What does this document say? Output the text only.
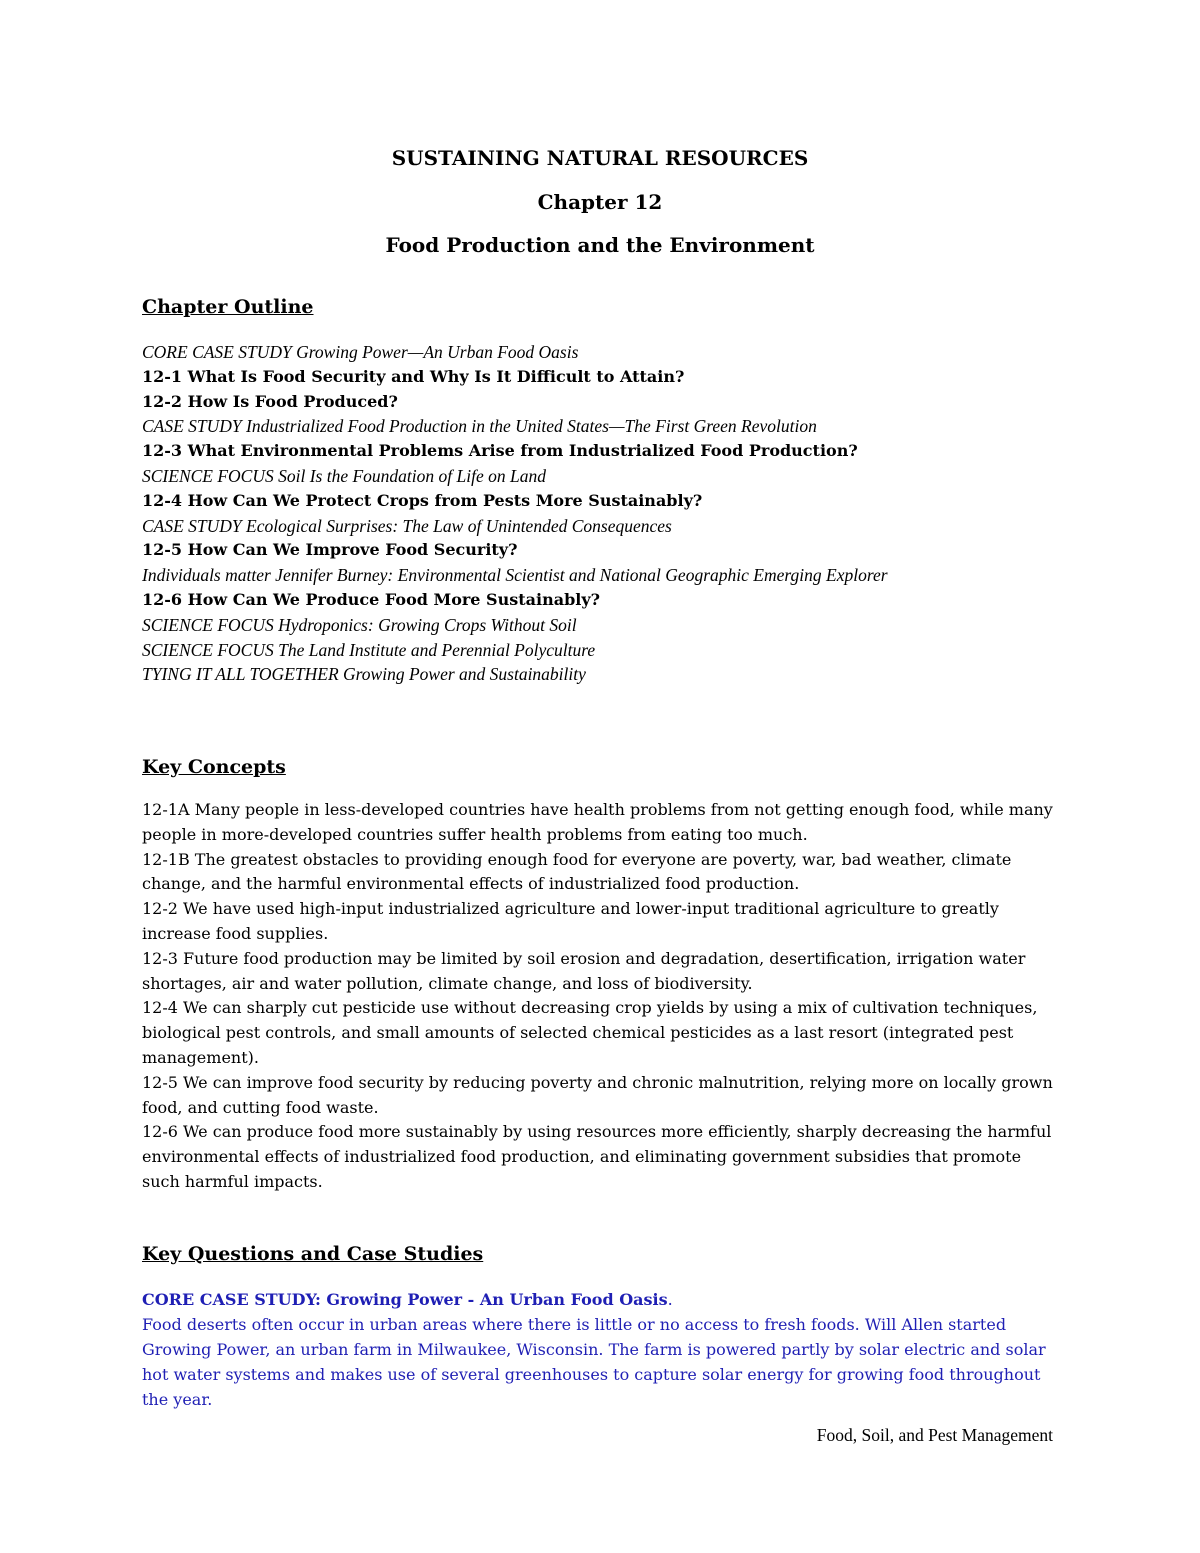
SUSTAINING NATURAL RESOURCES

Chapter 12

Food Production and the Environment

Chapter Outline

CORE CASE STUDY Growing Power—An Urban Food Oasis
12-1 What Is Food Security and Why Is It Difficult to Attain?
12-2 How Is Food Produced?
CASE STUDY Industrialized Food Production in the United States—The First Green Revolution
12-3 What Environmental Problems Arise from Industrialized Food Production?
SCIENCE FOCUS Soil Is the Foundation of Life on Land
12-4 How Can We Protect Crops from Pests More Sustainably?
CASE STUDY Ecological Surprises: The Law of Unintended Consequences
12-5 How Can We Improve Food Security?
Individuals matter Jennifer Burney: Environmental Scientist and National Geographic Emerging Explorer
12-6 How Can We Produce Food More Sustainably?
SCIENCE FOCUS Hydroponics: Growing Crops Without Soil
SCIENCE FOCUS The Land Institute and Perennial Polyculture
TYING IT ALL TOGETHER Growing Power and Sustainability

Key Concepts

12-1A Many people in less-developed countries have health problems from not getting enough food, while many people in more-developed countries suffer health problems from eating too much.

12-1B The greatest obstacles to providing enough food for everyone are poverty, war, bad weather, climate change, and the harmful environmental effects of industrialized food production.

12-2 We have used high-input industrialized agriculture and lower-input traditional agriculture to greatly increase food supplies.

12-3 Future food production may be limited by soil erosion and degradation, desertification, irrigation water shortages, air and water pollution, climate change, and loss of biodiversity.

12-4 We can sharply cut pesticide use without decreasing crop yields by using a mix of cultivation techniques, biological pest controls, and small amounts of selected chemical pesticides as a last resort (integrated pest management).

12-5 We can improve food security by reducing poverty and chronic malnutrition, relying more on locally grown food, and cutting food waste.

12-6 We can produce food more sustainably by using resources more efficiently, sharply decreasing the harmful environmental effects of industrialized food production, and eliminating government subsidies that promote such harmful impacts.

Key Questions and Case Studies

CORE CASE STUDY: Growing Power - An Urban Food Oasis.

Food deserts often occur in urban areas where there is little or no access to fresh foods. Will Allen started Growing Power, an urban farm in Milwaukee, Wisconsin. The farm is powered partly by solar electric and solar hot water systems and makes use of several greenhouses to capture solar energy for growing food throughout the year.

Food, Soil, and Pest Management
